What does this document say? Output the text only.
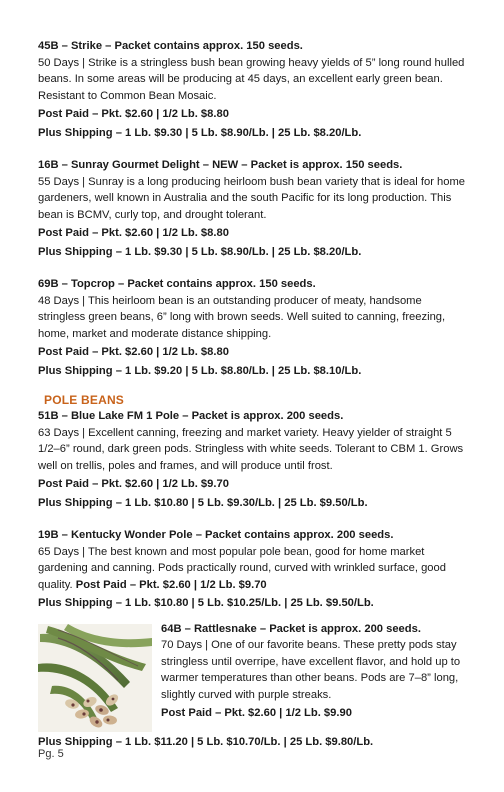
45B – Strike – Packet contains approx. 150 seeds.

50 Days | Strike is a stringless bush bean growing heavy yields of 5” long round hulled beans. In some areas will be producing at 45 days, an excellent early green bean. Resistant to Common Bean Mosaic.

Post Paid – Pkt. $2.60 | 1/2 Lb. $8.80

Plus Shipping – 1 Lb. $9.30 | 5 Lb. $8.90/Lb. | 25 Lb. $8.20/Lb.

16B – Sunray Gourmet Delight – NEW – Packet is approx. 150 seeds.

55 Days | Sunray is a long producing heirloom bush bean variety that is ideal for home gardeners, well known in Australia and the south Pacific for its long production. This bean is BCMV, curly top, and drought tolerant.

Post Paid – Pkt. $2.60 | 1/2 Lb. $8.80

Plus Shipping – 1 Lb. $9.30 | 5 Lb. $8.90/Lb. | 25 Lb. $8.20/Lb.

69B – Topcrop – Packet contains approx. 150 seeds.

48 Days | This heirloom bean is an outstanding producer of meaty, handsome stringless green beans, 6” long with brown seeds. Well suited to canning, freezing, home, market and moderate distance shipping.

Post Paid – Pkt. $2.60 | 1/2 Lb. $8.80

Plus Shipping – 1 Lb. $9.20 | 5 Lb. $8.80/Lb. | 25 Lb. $8.10/Lb.

POLE BEANS

51B – Blue Lake FM 1 Pole – Packet is approx. 200 seeds.

63 Days | Excellent canning, freezing and market variety. Heavy yielder of straight 5 1/2–6” round, dark green pods. Stringless with white seeds. Tolerant to CBM 1. Grows well on trellis, poles and frames, and will produce until frost.

Post Paid – Pkt. $2.60 | 1/2 Lb. $9.70

Plus Shipping – 1 Lb. $10.80 | 5 Lb. $9.30/Lb. | 25 Lb. $9.50/Lb.

19B – Kentucky Wonder Pole – Packet contains approx. 200 seeds.

65 Days | The best known and most popular pole bean, good for home market gardening and canning. Pods practically round, curved with wrinkled surface, good quality. Post Paid – Pkt. $2.60 | 1/2 Lb. $9.70

Plus Shipping – 1 Lb. $10.80 | 5 Lb. $10.25/Lb. | 25 Lb. $9.50/Lb.

64B – Rattlesnake – Packet is approx. 200 seeds.

70 Days | One of our favorite beans. These pretty pods stay stringless until overripe, have excellent flavor, and hold up to warmer temperatures than other beans. Pods are 7–8” long, slightly curved with purple streaks.

Post Paid – Pkt. $2.60 | 1/2 Lb. $9.90

Plus Shipping – 1 Lb. $11.20 | 5 Lb. $10.70/Lb. | 25 Lb. $9.80/Lb.

Pg. 5
